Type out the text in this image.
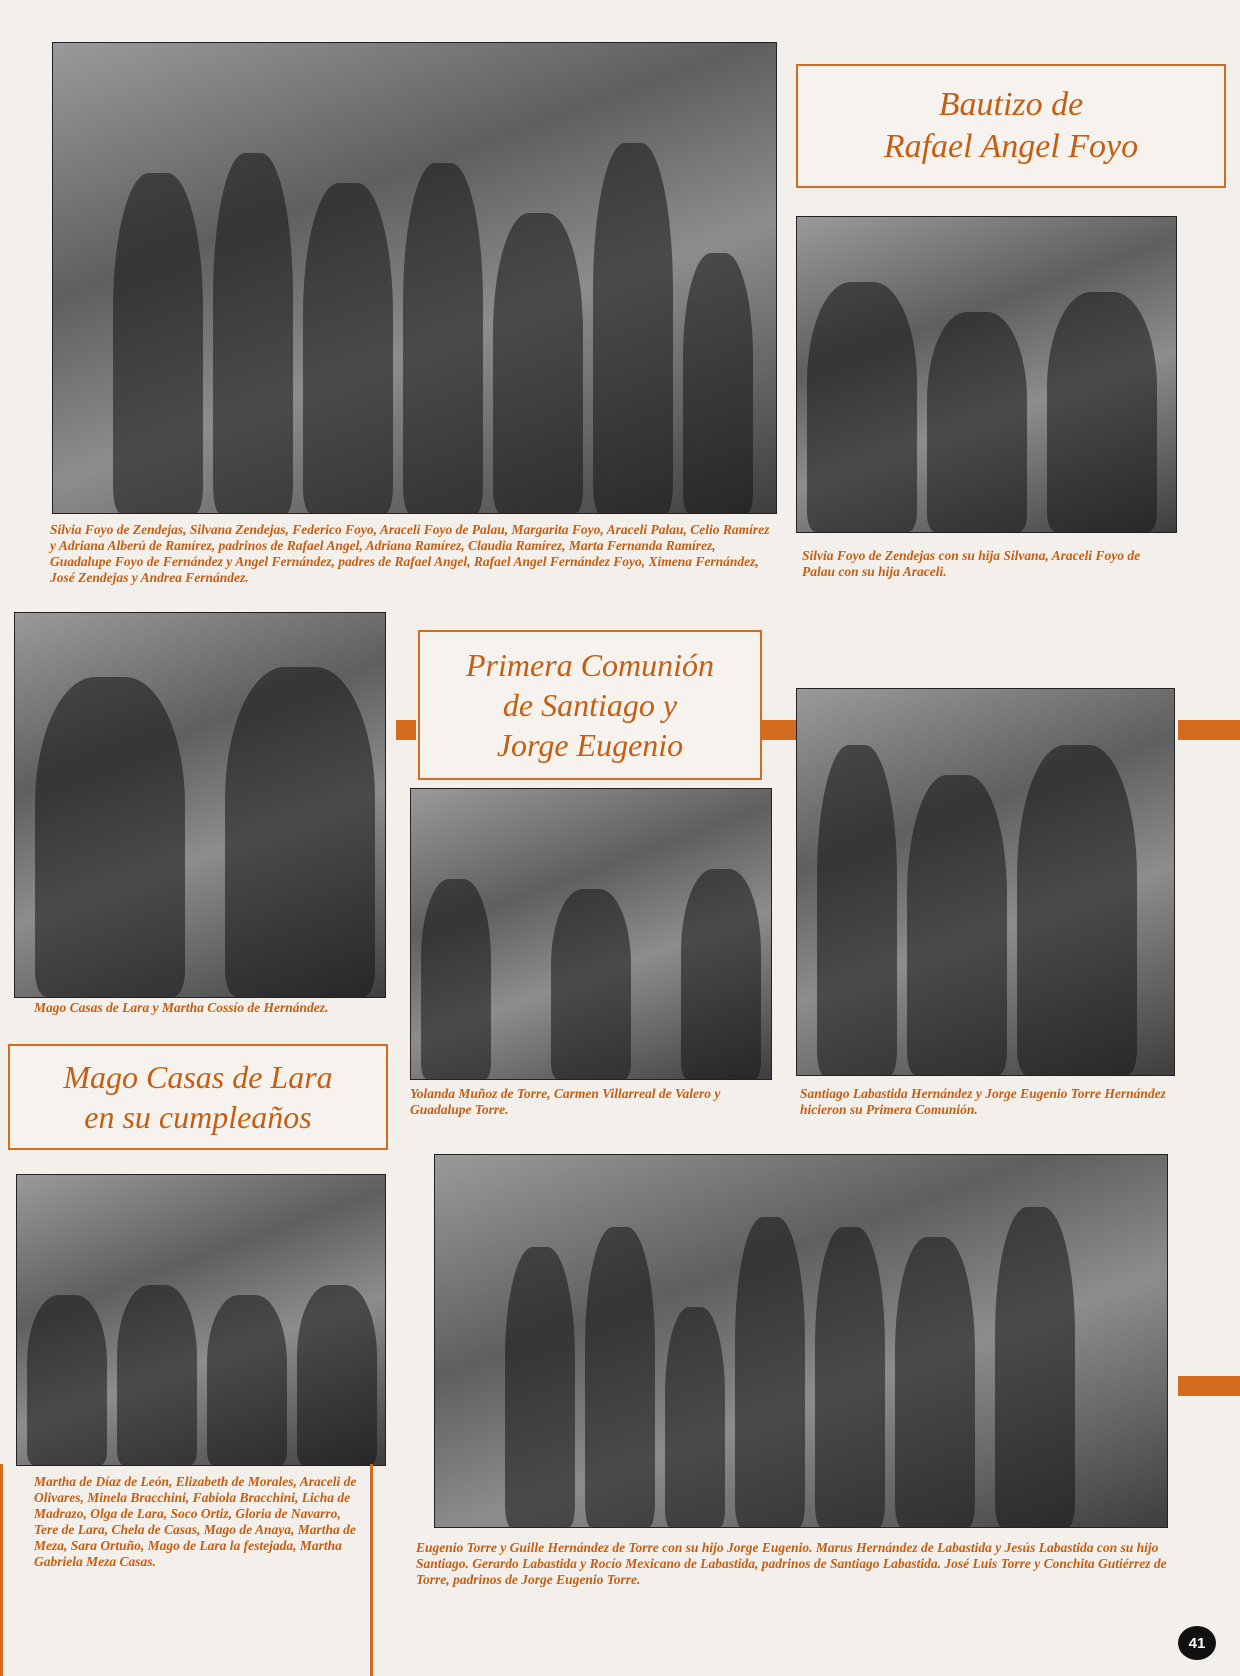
Bautizo de
Rafael Angel Foyo
Silvia Foyo de Zendejas, Silvana Zendejas, Federico Foyo, Araceli Foyo de Palau, Margarita Foyo, Araceli Palau, Celio Ramírez y Adriana Alberú de Ramírez, padrinos de Rafael Angel, Adriana Ramírez, Claudia Ramírez, Marta Fernanda Ramírez, Guadalupe Foyo de Fernández y Angel Fernández, padres de Rafael Angel, Rafael Angel Fernández Foyo, Ximena Fernández, José Zendejas y Andrea Fernández.
Silvia Foyo de Zendejas con su hija Silvana, Araceli Foyo de Palau con su hija Araceli.
Primera Comunión
de Santiago y
Jorge Eugenio
Yolanda Muñoz de Torre, Carmen Villarreal de Valero y Guadalupe Torre.
Santiago Labastida Hernández y Jorge Eugenio Torre Hernández hicieron su Primera Comunión.
Eugenio Torre y Guille Hernández de Torre con su hijo Jorge Eugenio. Marus Hernández de Labastida y Jesús Labastida con su hijo Santiago. Gerardo Labastida y Rocío Mexicano de Labastida, padrinos de Santiago Labastida. José Luis Torre y Conchita Gutiérrez de Torre, padrinos de Jorge Eugenio Torre.
Mago Casas de Lara y Martha Cossío de Hernández.
Mago Casas de Lara
en su cumpleaños
Martha de Díaz de León, Elizabeth de Morales, Araceli de Olivares, Minela Bracchini, Fabiola Bracchini, Licha de Madrazo, Olga de Lara, Soco Ortiz, Gloria de Navarro, Tere de Lara, Chela de Casas, Mago de Anaya, Martha de Meza, Sara Ortuño, Mago de Lara la festejada, Martha Gabriela Meza Casas.
41
